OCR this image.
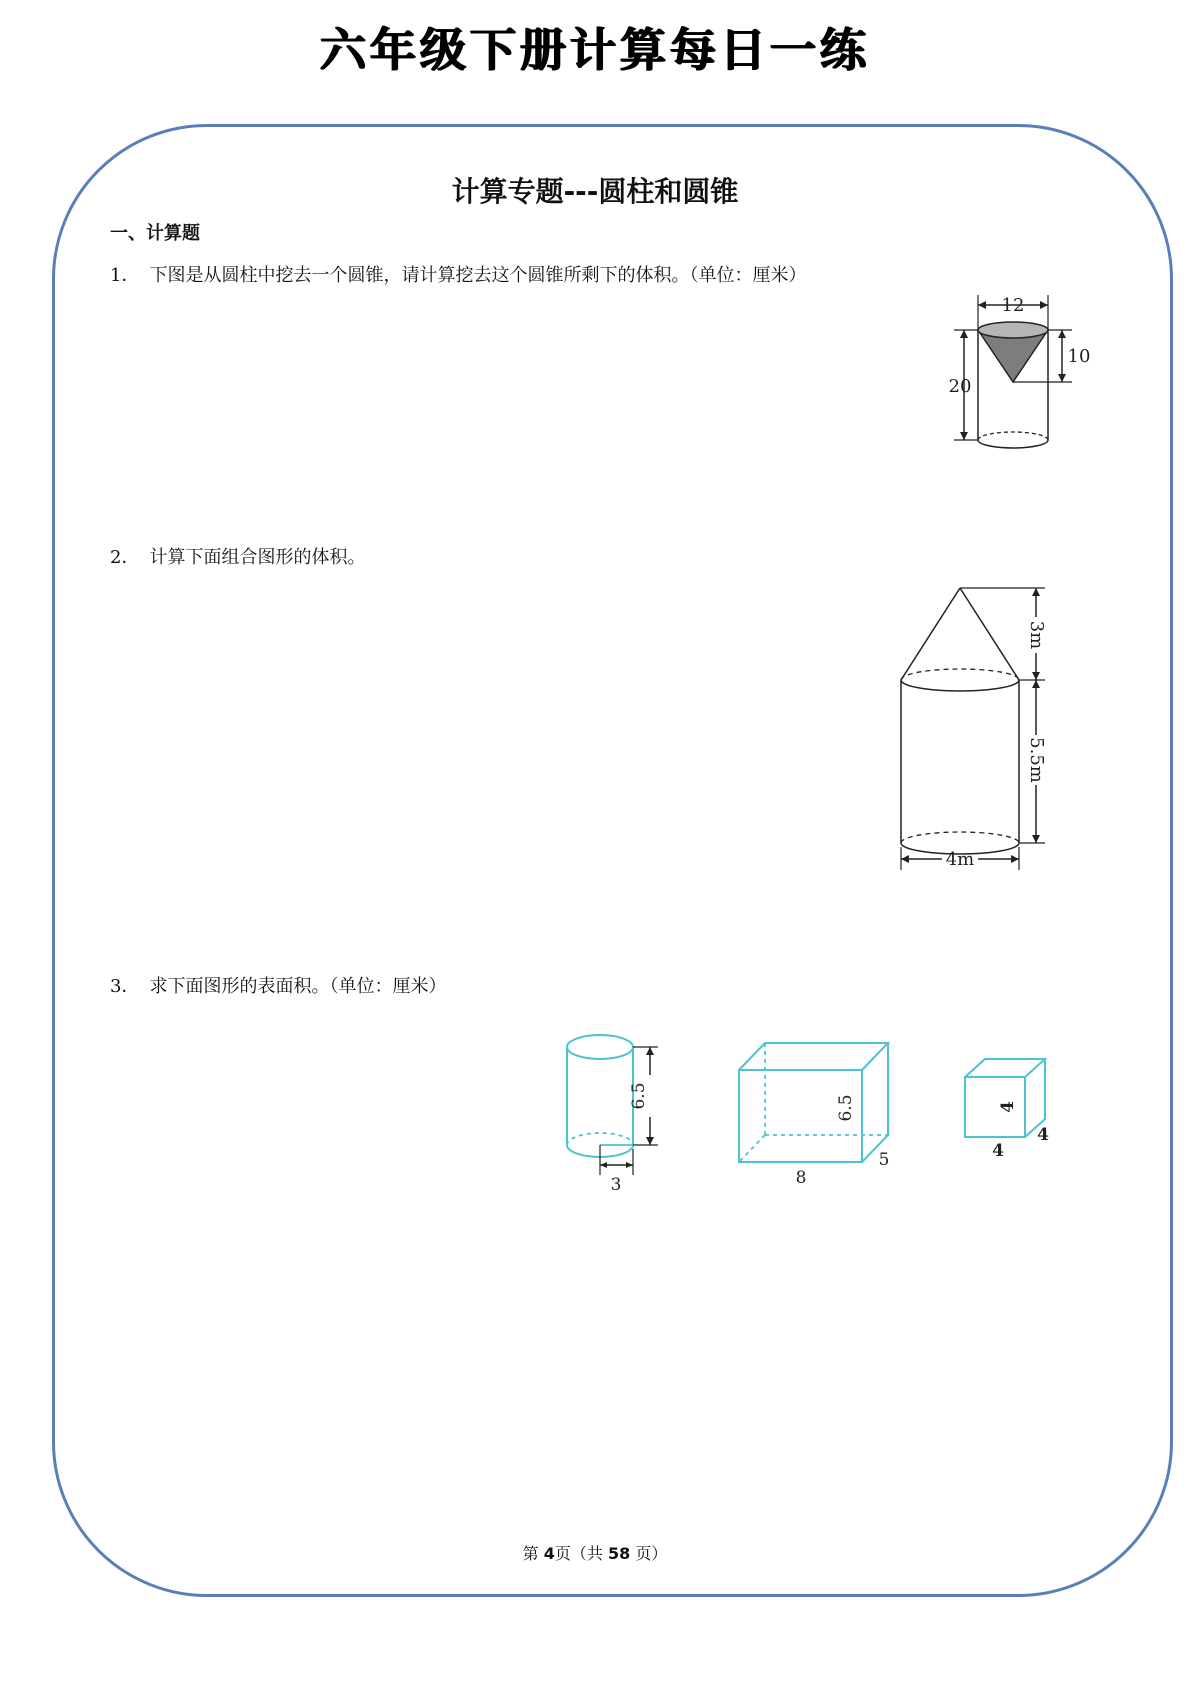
六年级下册计算每日一练
计算专题---圆柱和圆锥
一、计算题
1． 下图是从圆柱中挖去一个圆锥，请计算挖去这个圆锥所剩下的体积。（单位：厘米）
12
20
10
2． 计算下面组合图形的体积。
3m
5.5m
4m
3． 求下面图形的表面积。（单位：厘米）
3
6.5	6.5
8
5
4
4
4
第 4页（共 58 页）
